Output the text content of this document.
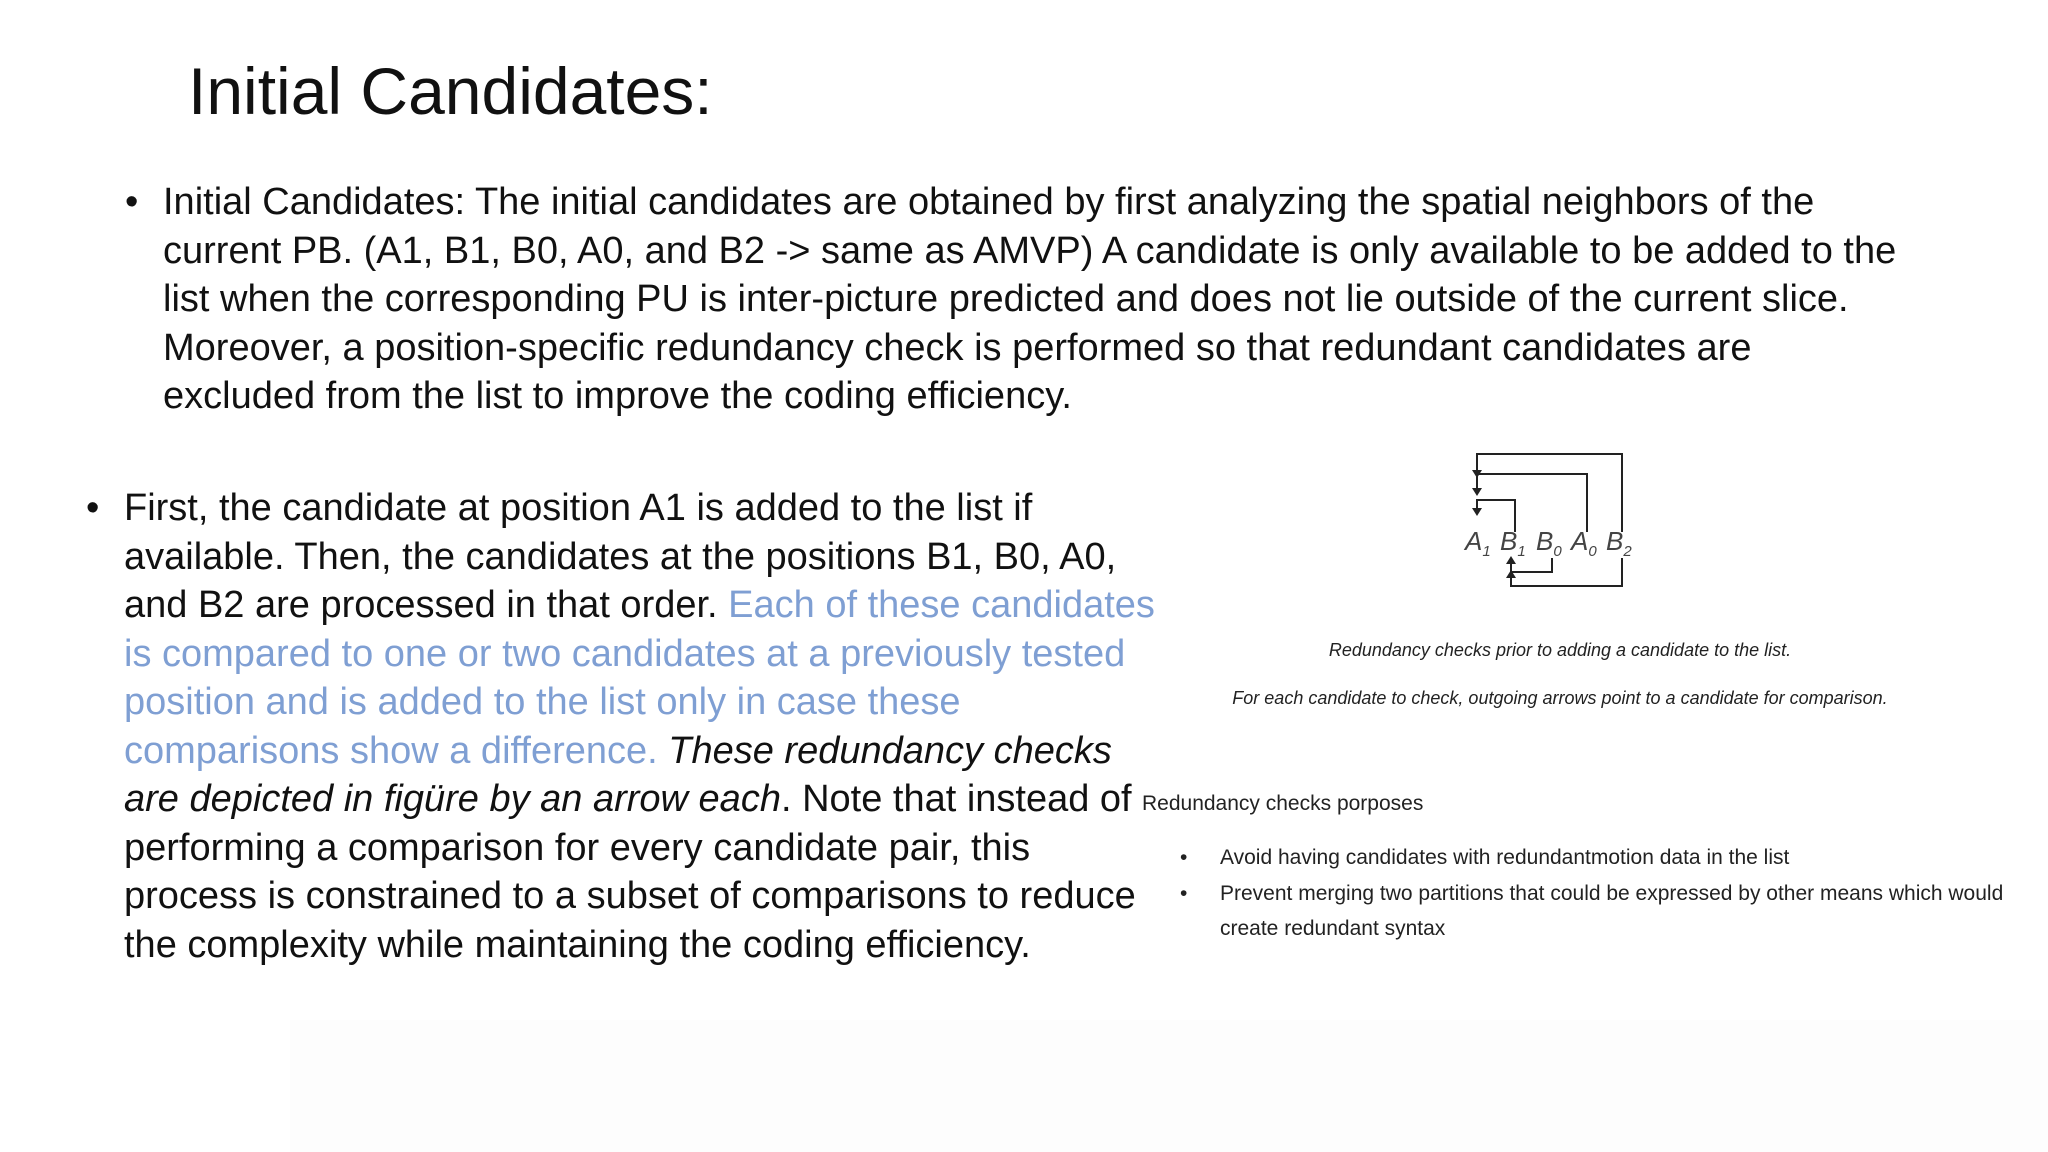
Initial Candidates:
• Initial Candidates: The initial candidates are obtained by first analyzing the spatial neighbors of the current PB. (A1, B1, B0, A0, and B2 -> same as AMVP) A candidate is only available to be added to the list when the corresponding PU is inter-picture predicted and does not lie outside of the current slice. Moreover, a position-specific redundancy check is performed so that redundant candidates are excluded from the list to improve the coding efficiency.
• First, the candidate at position A1 is added to the list if available. Then, the candidates at the positions B1, B0, A0, and B2 are processed in that order. Each of these candidates is compared to one or two candidates at a previously tested position and is added to the list only in case these comparisons show a difference. These redundancy checks are depicted in figüre by an arrow each. Note that instead of performing a comparison for every candidate pair, this process is constrained to a subset of comparisons to reduce the complexity while maintaining the coding efficiency.
$A_1$ $B_1$ $B_0$ $A_0$ $B_2$
Redundancy checks prior to adding a candidate to the list.
For each candidate to check, outgoing arrows point to a candidate for comparison.
Redundancy checks porposes
• Avoid having candidates with redundantmotion data in the list
• Prevent merging two partitions that could be expressed by other means which would   create redundant syntax
